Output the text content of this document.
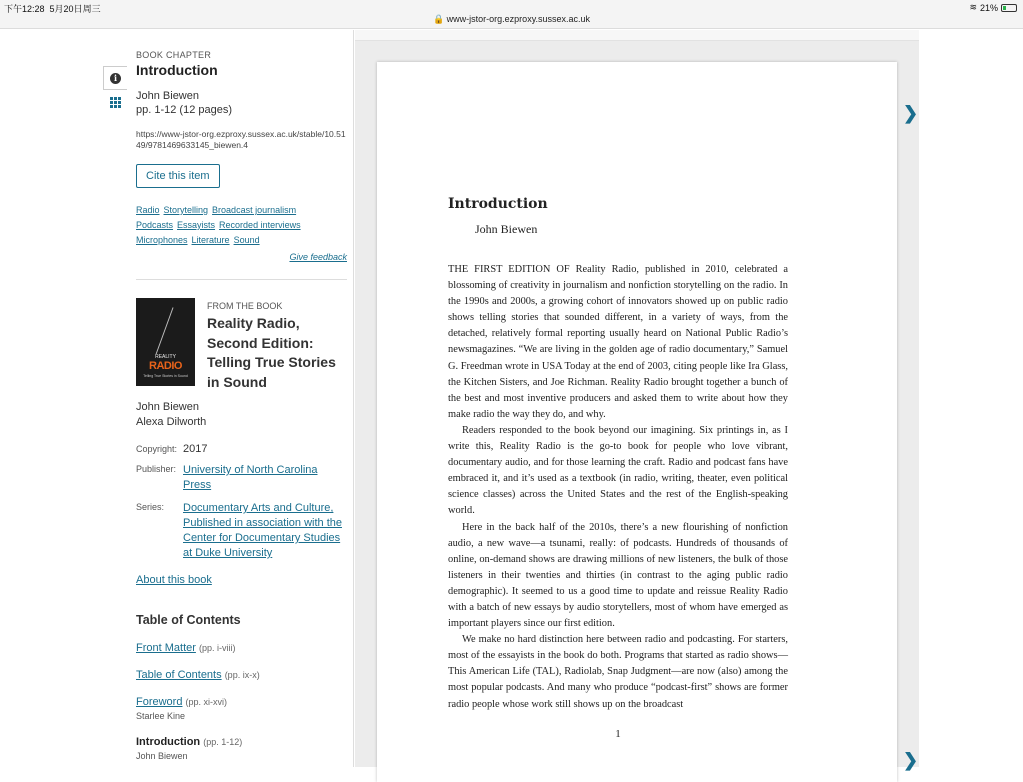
下午12:28 5月20日周三
🔒 www-jstor-org.ezproxy.sussex.ac.uk
≋ 21%
i
BOOK CHAPTER
Introduction
John Biewen
pp. 1-12 (12 pages)
https://www-jstor-org.ezproxy.sussex.ac.uk/stable/10.5149/9781469633145_biewen.4
Cite this item
Radio Storytelling Broadcast journalism
Podcasts Essayists Recorded interviews
Microphones Literature Sound
Give feedback
REALITY
RADIO
Telling True Stories in Sound
FROM THE BOOK
Reality Radio, Second Edition: Telling True Stories in Sound
John Biewen
Alexa Dilworth
Copyright: 2017
Publisher: University of North Carolina Press
Series:	Documentary Arts and Culture, Published in association with the Center for Documentary Studies at Duke University
About this book
Table of Contents
Front Matter (pp. i-viii)
Table of Contents (pp. ix-x)
Foreword (pp. xi-xvi)
Starlee Kine
Introduction (pp. 1-12)
John Biewen
Introduction
John Biewen

THE FIRST EDITION OF Reality Radio, published in 2010, celebrated a blossoming of creativity in journalism and nonfiction storytelling on the radio. In the 1990s and 2000s, a growing cohort of innovators showed up on public radio shows telling stories that sounded different, in a variety of ways, from the detached, relatively formal reporting usually heard on National Public Radio’s newsmagazines. “We are living in the golden age of radio documentary,” Samuel G. Freedman wrote in USA Today at the end of 2003, citing people like Ira Glass, the Kitchen Sisters, and Joe Richman. Reality Radio brought together a bunch of the best and most inventive producers and asked them to write about how they make radio the way they do, and why.

Readers responded to the book beyond our imagining. Six printings in, as I write this, Reality Radio is the go-to book for people who love vibrant, documentary audio, and for those learning the craft. Radio and podcast fans have embraced it, and it’s used as a textbook (in radio, writing, theater, even political science classes) across the United States and the rest of the English-speaking world.

Here in the back half of the 2010s, there’s a new flourishing of nonfiction audio, a new wave—a tsunami, really: of podcasts. Hundreds of thousands of online, on-demand shows are drawing millions of new listeners, the bulk of those listeners in their twenties and thirties (in contrast to the aging public radio demographic). It seemed to us a good time to update and reissue Reality Radio with a batch of new essays by audio storytellers, most of whom have emerged as important players since our first edition.

We make no hard distinction here between radio and podcasting. For starters, most of the essayists in the book do both. Programs that started as radio shows—This American Life (TAL), Radiolab, Snap Judgment—are now (also) among the most popular podcasts. And many who produce “podcast-first” shows are former radio people whose work still shows up on the broadcast

1
❯
❯
